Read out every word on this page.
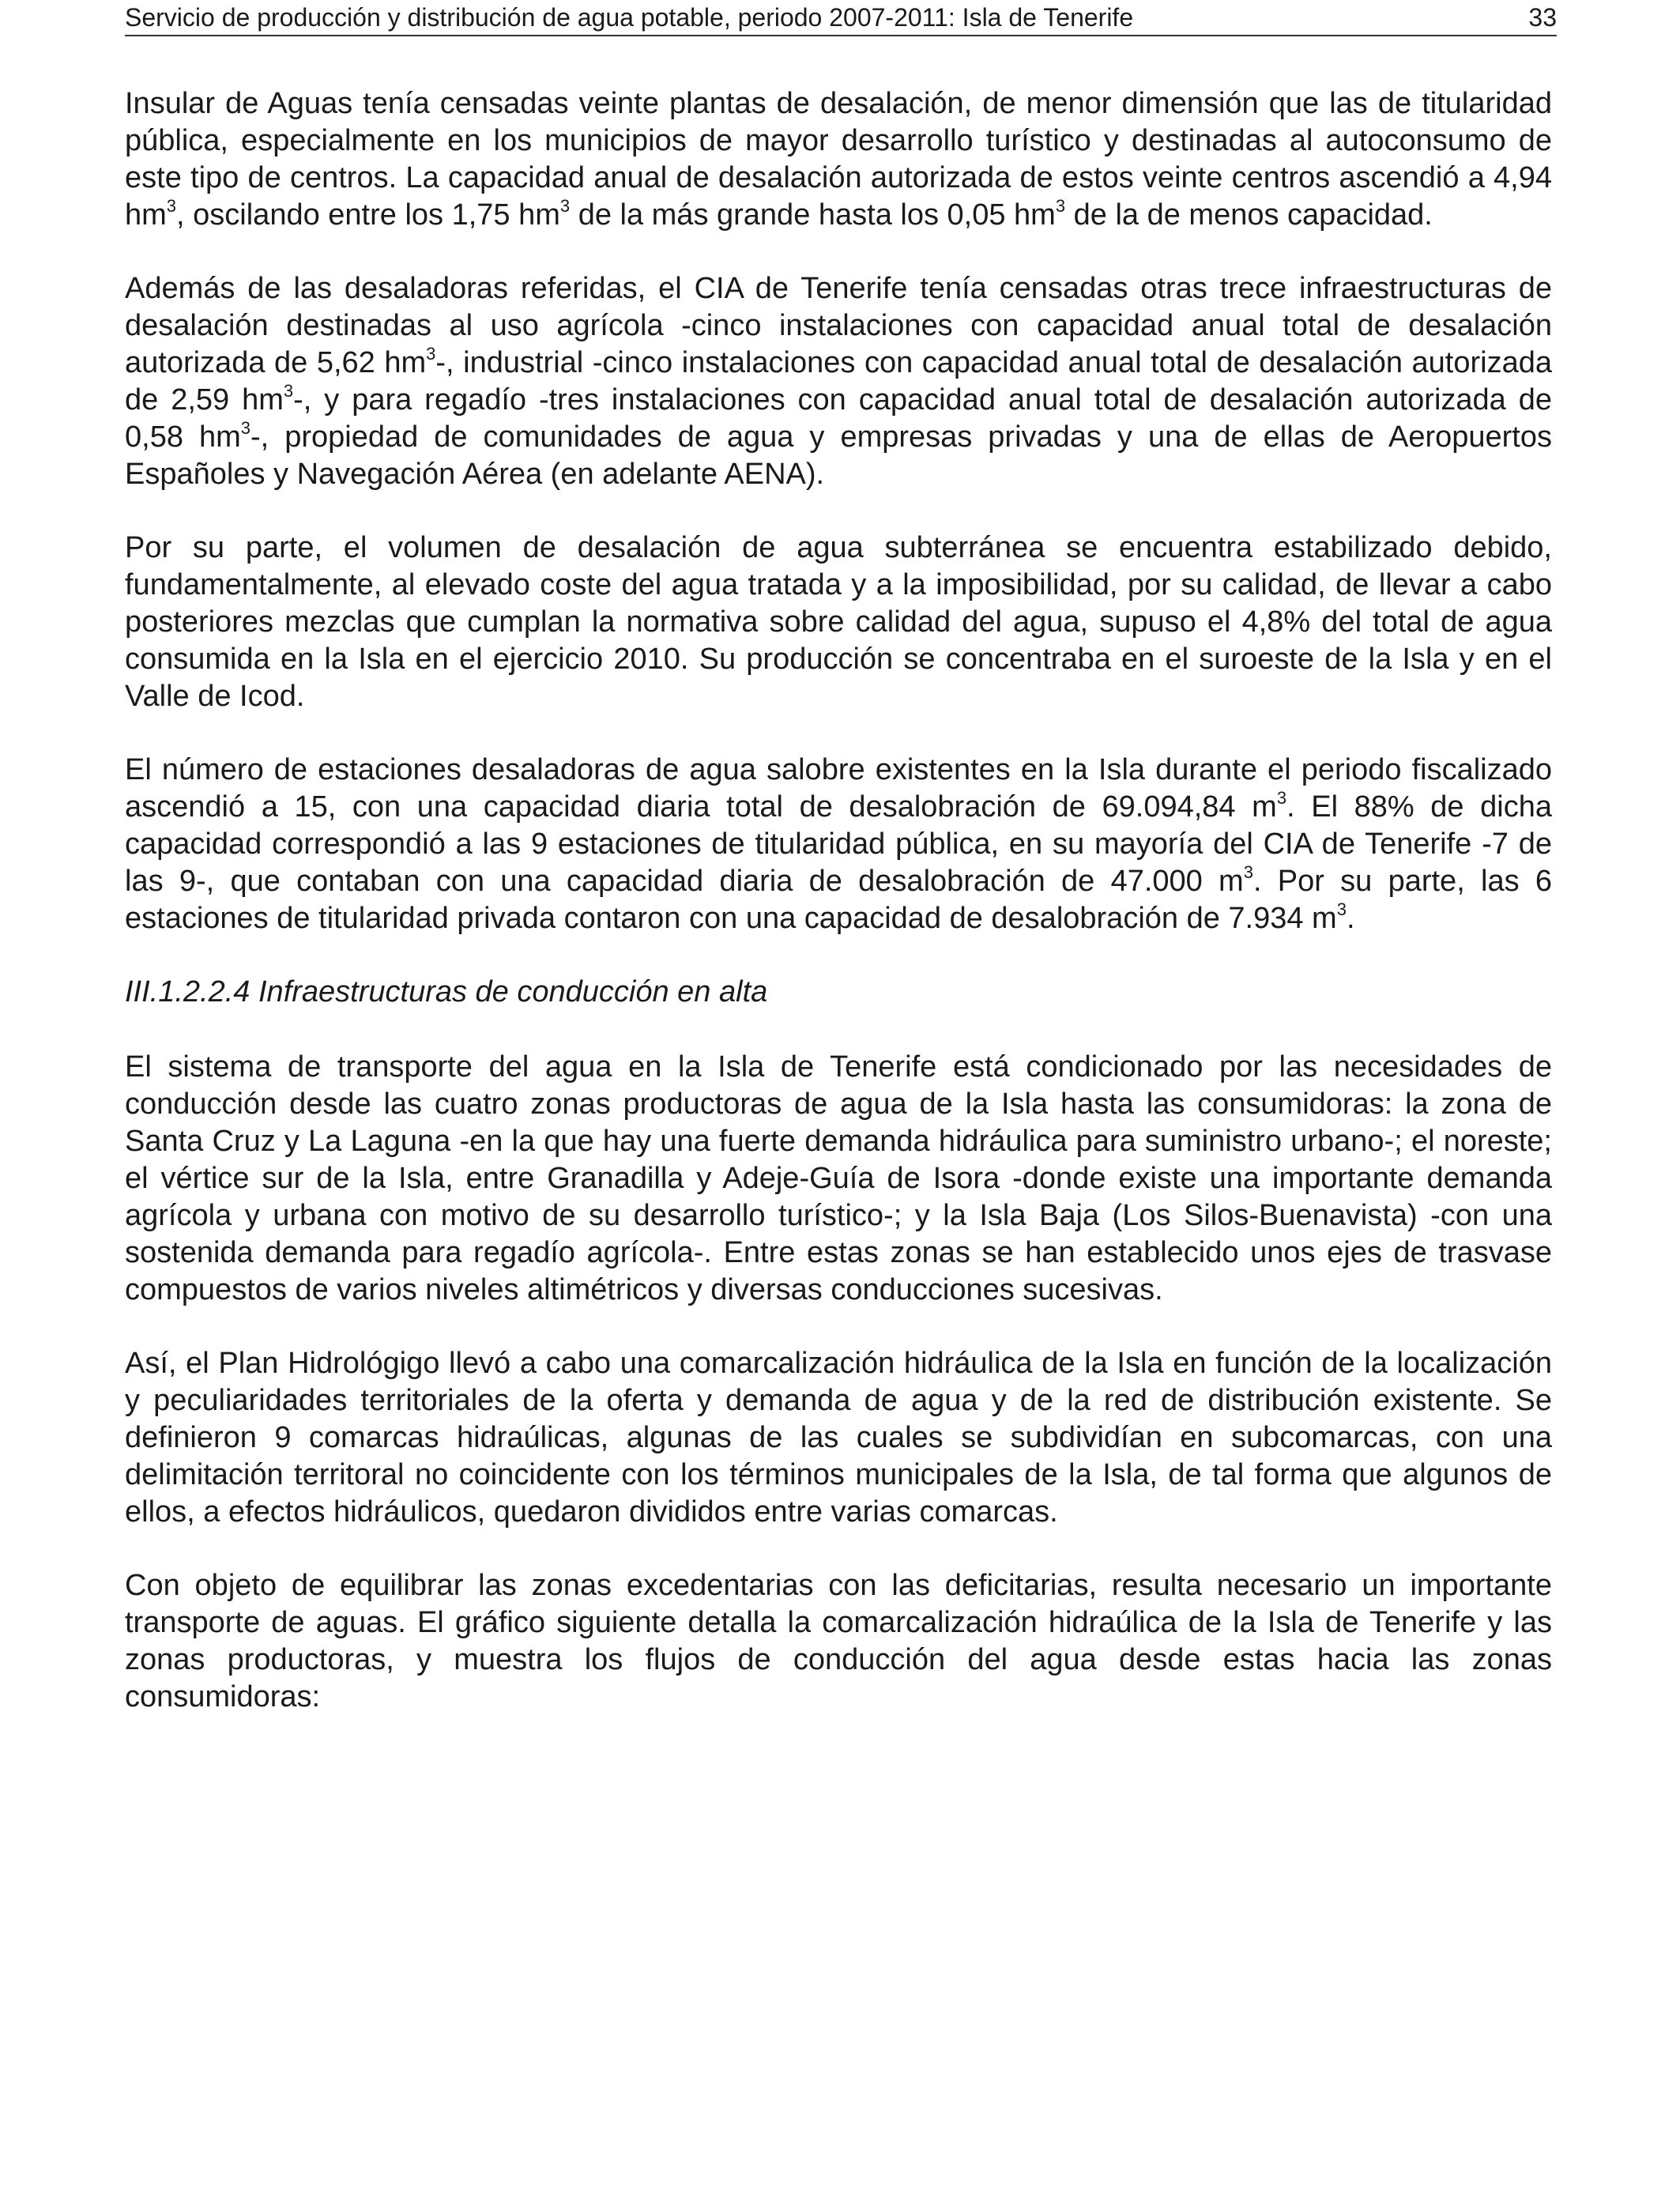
Servicio de producción y distribución de agua potable, periodo 2007-2011: Isla de Tenerife	33

Insular de Aguas tenía censadas veinte plantas de desalación, de menor dimensión que las de titularidad pública, especialmente en los municipios de mayor desarrollo turístico y destinadas al autoconsumo de este tipo de centros. La capacidad anual de desalación autorizada de estos veinte centros ascendió a 4,94 $hm^3$, oscilando entre los 1,75 $hm^3$ de la más grande hasta los 0,05 $hm^3$ de la de menos capacidad.

Además de las desaladoras referidas, el CIA de Tenerife tenía censadas otras trece infraestructuras de desalación destinadas al uso agrícola -cinco instalaciones con capacidad anual total de desalación autorizada de 5,62 $hm^3-$, industrial -cinco instalaciones con capacidad anual total de desalación autorizada de 2,59 $hm^3-$, y para regadío -tres instalaciones con capacidad anual total de desalación autorizada de 0,58 $hm^3-$, propiedad de comunidades de agua y empresas privadas y una de ellas de Aeropuertos Españoles y Navegación Aérea (en adelante AENA).

Por su parte, el volumen de desalación de agua subterránea se encuentra estabilizado debido, fundamentalmente, al elevado coste del agua tratada y a la imposibilidad, por su calidad, de llevar a cabo posteriores mezclas que cumplan la normativa sobre calidad del agua, supuso el 4,8% del total de agua consumida en la Isla en el ejercicio 2010. Su producción se concentraba en el suroeste de la Isla y en el Valle de Icod.

El número de estaciones desaladoras de agua salobre existentes en la Isla durante el periodo fiscalizado ascendió a 15, con una capacidad diaria total de desalobración de 69.094,84 $m^3$. El 88% de dicha capacidad correspondió a las 9 estaciones de titularidad pública, en su mayoría del CIA de Tenerife -7 de las 9-, que contaban con una capacidad diaria de desalobración de 47.000 $m^3$. Por su parte, las 6 estaciones de titularidad privada contaron con una capacidad de desalobración de 7.934 $m^3$.

III.1.2.2.4 Infraestructuras de conducción en alta

El sistema de transporte del agua en la Isla de Tenerife está condicionado por las necesidades de conducción desde las cuatro zonas productoras de agua de la Isla hasta las consumidoras: la zona de Santa Cruz y La Laguna -en la que hay una fuerte demanda hidráulica para suministro urbano-; el noreste; el vértice sur de la Isla, entre Granadilla y Adeje-Guía de Isora -donde existe una importante demanda agrícola y urbana con motivo de su desarrollo turístico-; y la Isla Baja (Los Silos-Buenavista) -con una sostenida demanda para regadío agrícola-. Entre estas zonas se han establecido unos ejes de trasvase compuestos de varios niveles altimétricos y diversas conducciones sucesivas.

Así, el Plan Hidrológigo llevó a cabo una comarcalización hidráulica de la Isla en función de la localización y peculiaridades territoriales de la oferta y demanda de agua y de la red de distribución existente. Se definieron 9 comarcas hidraúlicas, algunas de las cuales se subdividían en subcomarcas, con una delimitación territoral no coincidente con los términos municipales de la Isla, de tal forma que algunos de ellos, a efectos hidráulicos, quedaron divididos entre varias comarcas.

Con objeto de equilibrar las zonas excedentarias con las deficitarias, resulta necesario un importante transporte de aguas. El gráfico siguiente detalla la comarcalización hidraúlica de la Isla de Tenerife y las zonas productoras, y muestra los flujos de conducción del agua desde estas hacia las zonas consumidoras:
